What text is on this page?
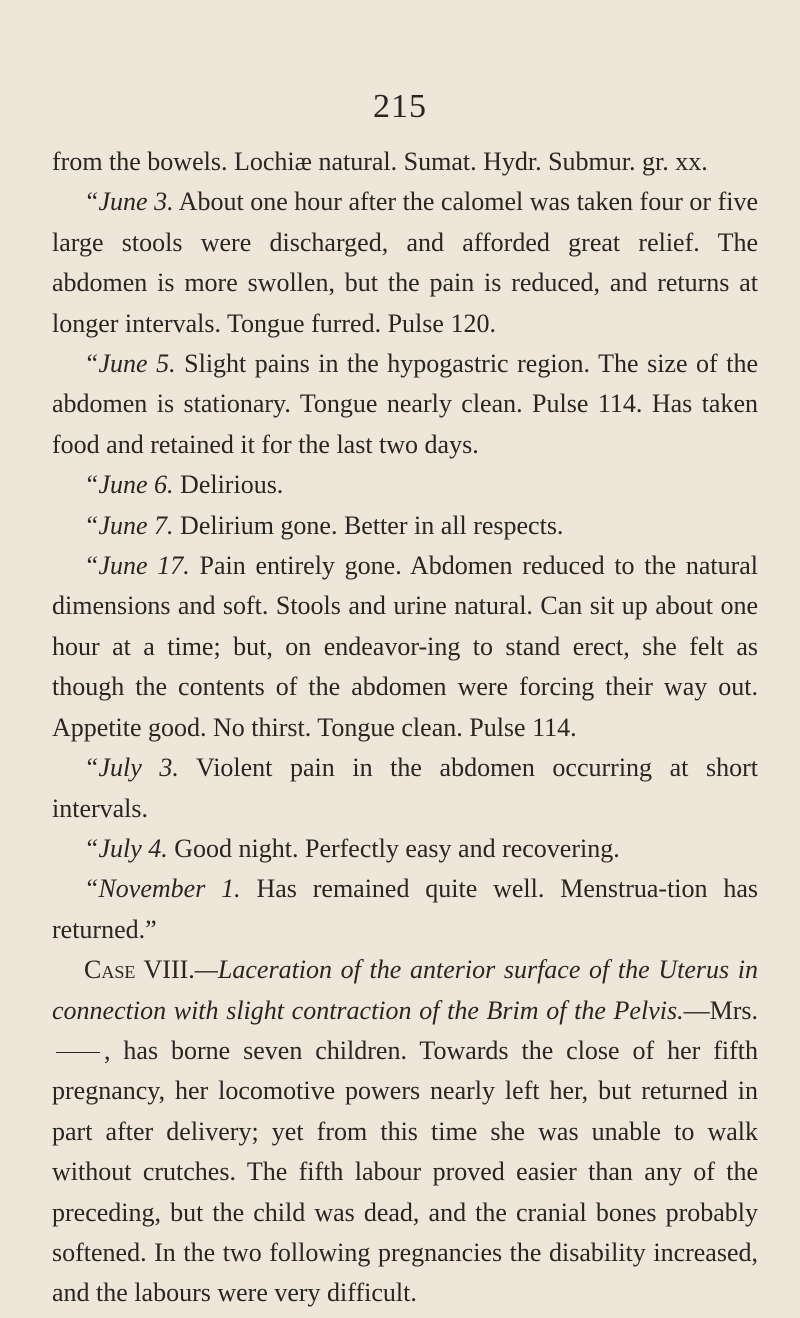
215

from the bowels. Lochiæ natural. Sumat. Hydr. Submur. gr. xx.

“June 3. About one hour after the calomel was taken four or five large stools were discharged, and afforded great relief. The abdomen is more swollen, but the pain is reduced, and returns at longer intervals. Tongue furred. Pulse 120.

“June 5. Slight pains in the hypogastric region. The size of the abdomen is stationary. Tongue nearly clean. Pulse 114. Has taken food and retained it for the last two days.

“June 6. Delirious.

“June 7. Delirium gone. Better in all respects.

“June 17. Pain entirely gone. Abdomen reduced to the natural dimensions and soft. Stools and urine natural. Can sit up about one hour at a time; but, on endeavor-ing to stand erect, she felt as though the contents of the abdomen were forcing their way out. Appetite good. No thirst. Tongue clean. Pulse 114.

“July 3. Violent pain in the abdomen occurring at short intervals.

“July 4. Good night. Perfectly easy and recovering.

“November 1. Has remained quite well. Menstrua-tion has returned.”

Case VIII.—Laceration of the anterior surface of the Uterus in connection with slight contraction of the Brim of the Pelvis.—Mrs. , has borne seven children. Towards the close of her fifth pregnancy, her locomotive powers nearly left her, but returned in part after delivery; yet from this time she was unable to walk without crutches. The fifth labour proved easier than any of the preceding, but the child was dead, and the cranial bones probably softened. In the two following pregnancies the disability increased, and the labours were very difficult.
